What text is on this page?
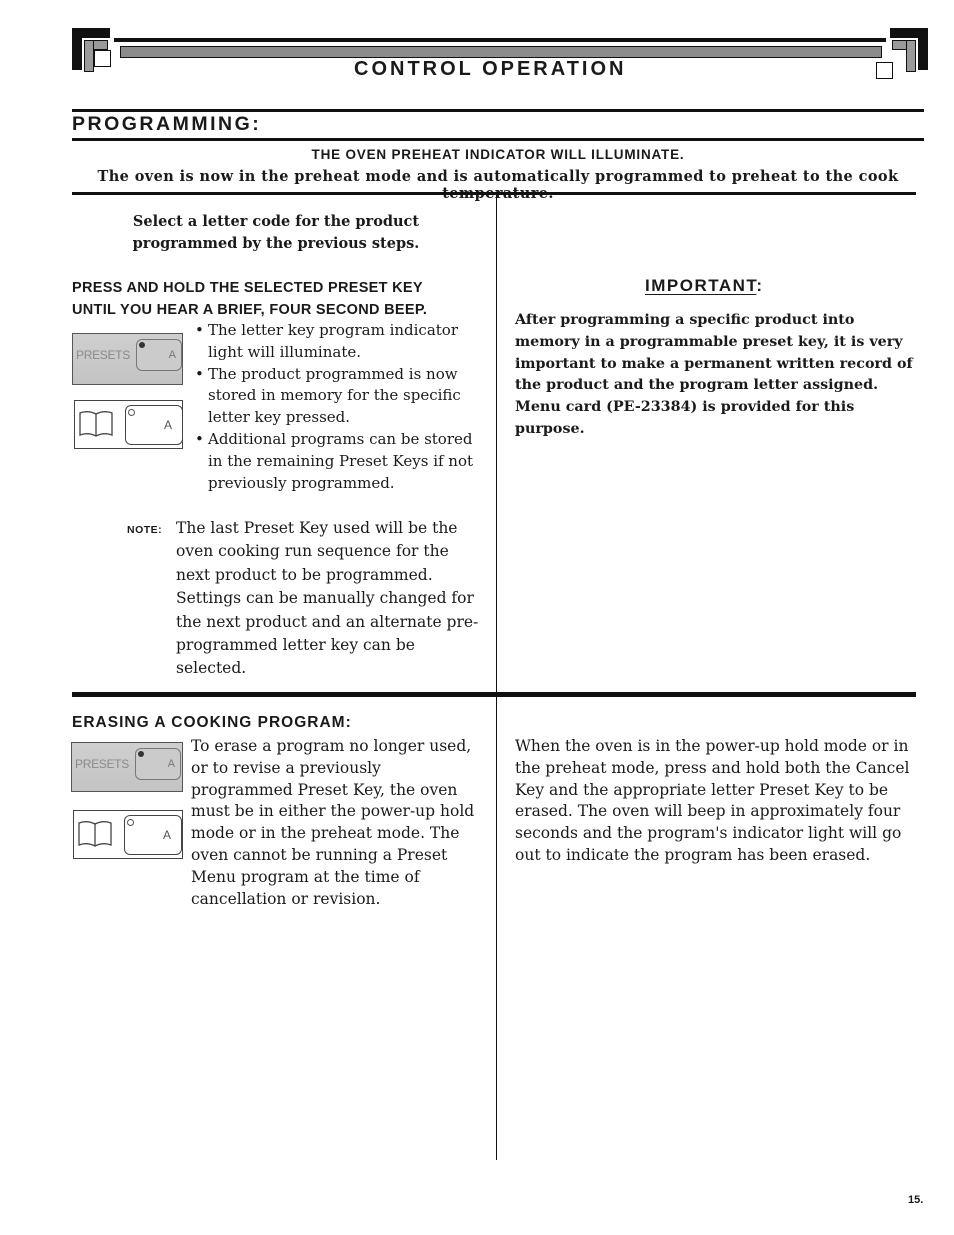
CONTROL OPERATION
PROGRAMMING:
THE OVEN PREHEAT INDICATOR WILL ILLUMINATE.
The oven is now in the preheat mode and is automatically programmed to preheat to the cook
Select a letter code for the product
programmed by the previous steps.
PRESS AND HOLD THE SELECTED PRESET KEY
UNTIL YOU HEAR A BRIEF, FOUR SECOND BEEP.
PRESETS	A
A
• The letter key program indicator light will illuminate.
• The product programmed is now stored in memory for the specific letter key pressed.
• Additional programs can be stored in the remaining Preset Keys if not previously programmed.
NOTE: The last Preset Key used will be the oven cooking run sequence for the next product to be programmed. Settings can be manually changed for the next product and an alternate pre-programmed letter key can be selected.
IMPORTANT:
After programming a specific product into memory in a programmable preset key, it is very important to make a permanent written record of the product and the program letter assigned. Menu card (PE-23384) is provided for this purpose.
ERASING A COOKING PROGRAM:
PRESETS	A
A
To erase a program no longer used, or to revise a previously programmed Preset Key, the oven must be in either the power-up hold mode or in the preheat mode. The oven cannot be running a Preset Menu program at the time of cancellation or revision.
When the oven is in the power-up hold mode or in the preheat mode, press and hold both the Cancel Key and the appropriate letter Preset Key to be erased. The oven will beep in approximately four seconds and the program's indicator light will go out to indicate the program has been erased.
15.
